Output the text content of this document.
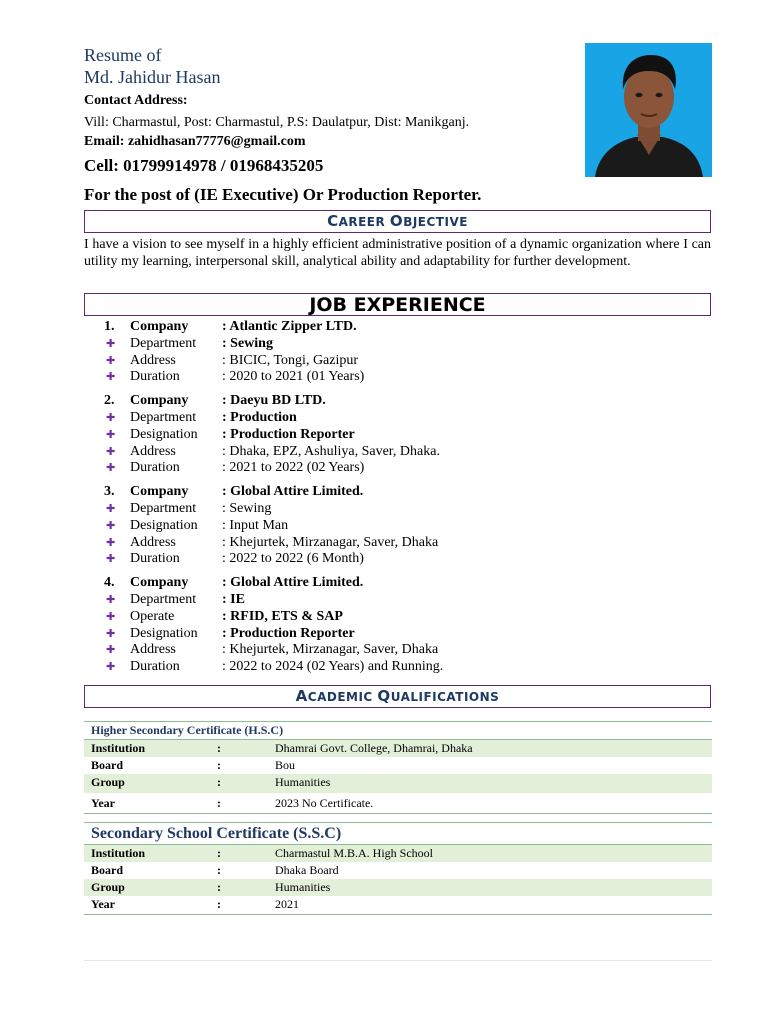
Resume of
Md. Jahidur Hasan
Contact Address:
Vill: Charmastul, Post: Charmastul, P.S: Daulatpur, Dist: Manikganj.
Email: zahidhasan77776@gmail.com
Cell: 01799914978 / 01968435205
For the post of (IE Executive) Or Production Reporter.
CAREER OBJECTIVE
I have a vision to see myself in a highly efficient administrative position of a dynamic organization where I can utility my learning, interpersonal skill, analytical ability and adaptability for further development.
JOB EXPERIENCE
1.	Company : Atlantic Zipper LTD.
✚ Department : Sewing
✚ Address	: BICIC, Tongi, Gazipur
✚ Duration	: 2020 to 2021 (01 Years)
2.	Company : Daeyu BD LTD.
✚ Department : Production
✚ Designation : Production Reporter
✚ Address	: Dhaka, EPZ, Ashuliya, Saver, Dhaka.
✚ Duration	: 2021 to 2022 (02 Years)
3.	Company : Global Attire Limited.
✚ Department : Sewing
✚ Designation : Input Man
✚ Address	: Khejurtek, Mirzanagar, Saver, Dhaka
✚ Duration	: 2022 to 2022 (6 Month)
4.	Company : Global Attire Limited.
✚ Department : IE
✚ Operate	: RFID, ETS & SAP
✚ Designation : Production Reporter
✚ Address	: Khejurtek, Mirzanagar, Saver, Dhaka
✚ Duration	: 2022 to 2024 (02 Years) and Running.
ACADEMIC QUALIFICATIONS
Higher Secondary Certificate (H.S.C)
Institution	:	Dhamrai Govt. College, Dhamrai, Dhaka
Board	:	Bou
Group	:	Humanities
Year	:	2023 No Certificate.
Secondary School Certificate (S.S.C)
Institution	:	Charmastul M.B.A. High School
Board	:	Dhaka Board
Group	:	Humanities
Year	:	2021
